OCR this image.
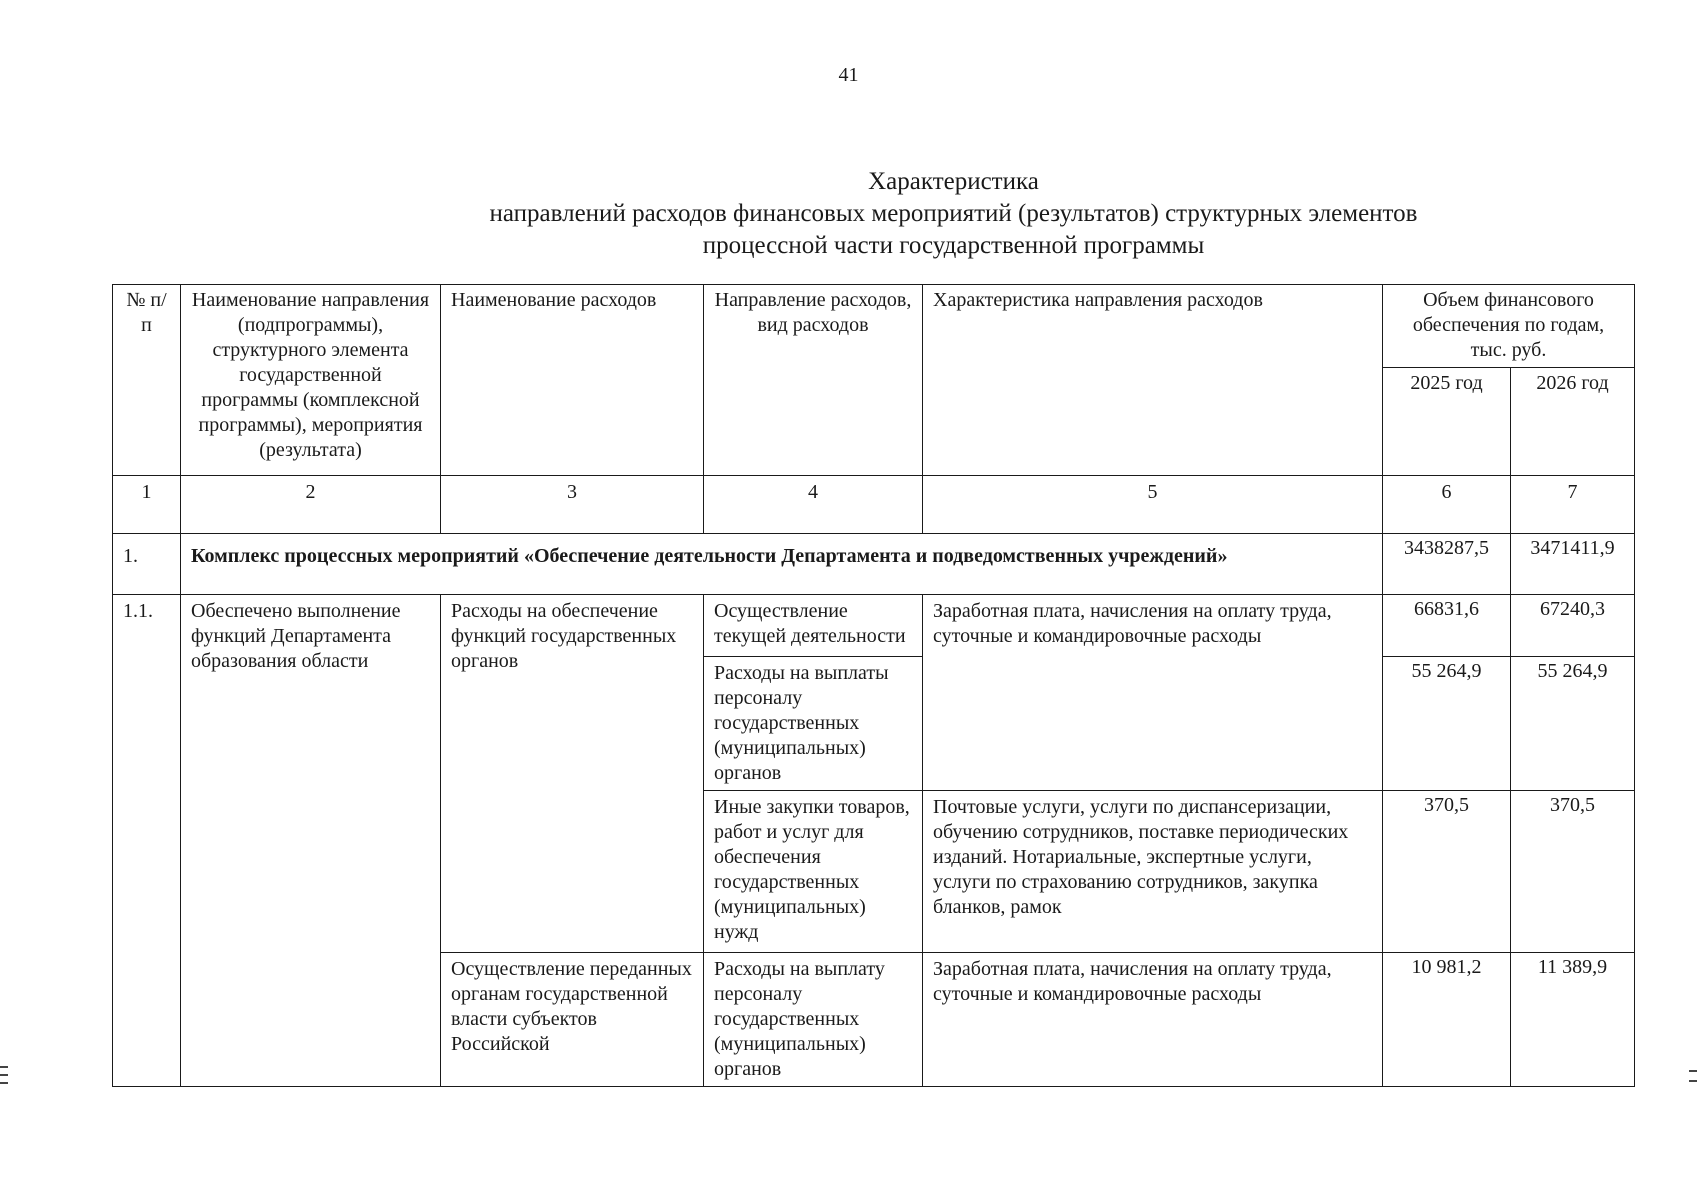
41
Характеристика
направлений расходов финансовых мероприятий (результатов) структурных элементов
процессной части государственной программы
№ п/п	Наименование направления (подпрограммы), структурного элемента государственной программы (комплексной программы), мероприятия (результата)	Наименование расходов	Направление расходов, вид расходов	Характеристика направления расходов	Объем финансового обеспечения по годам, тыс. руб.	
					2025 год	2026 год
1	2	3	4	5	6	7
1.	Комплекс процессных мероприятий «Обеспечение деятельности Департамента и подведомственных учреждений»				3438287,5	3471411,9
1.1.	Обеспечено выполнение функций Департамента образования области	Расходы на обеспечение функций государственных органов	Осуществление текущей деятельности	Заработная плата, начисления на оплату труда, суточные и командировочные расходы	66831,6	67240,3
			Расходы на выплаты персоналу государственных (муниципальных) органов		55 264,9	55 264,9
			Иные закупки товаров, работ и услуг для обеспечения государственных (муниципальных) нужд	Почтовые услуги, услуги по диспансеризации, обучению сотрудников, поставке периодических изданий. Нотариальные, экспертные услуги, услуги по страхованию сотрудников, закупка бланков, рамок	370,5	370,5
		Осуществление переданных органам государственной власти субъектов Российской	Расходы на выплату персоналу государственных (муниципальных) органов	Заработная плата, начисления на оплату труда, суточные и командировочные расходы	10 981,2	11 389,9
